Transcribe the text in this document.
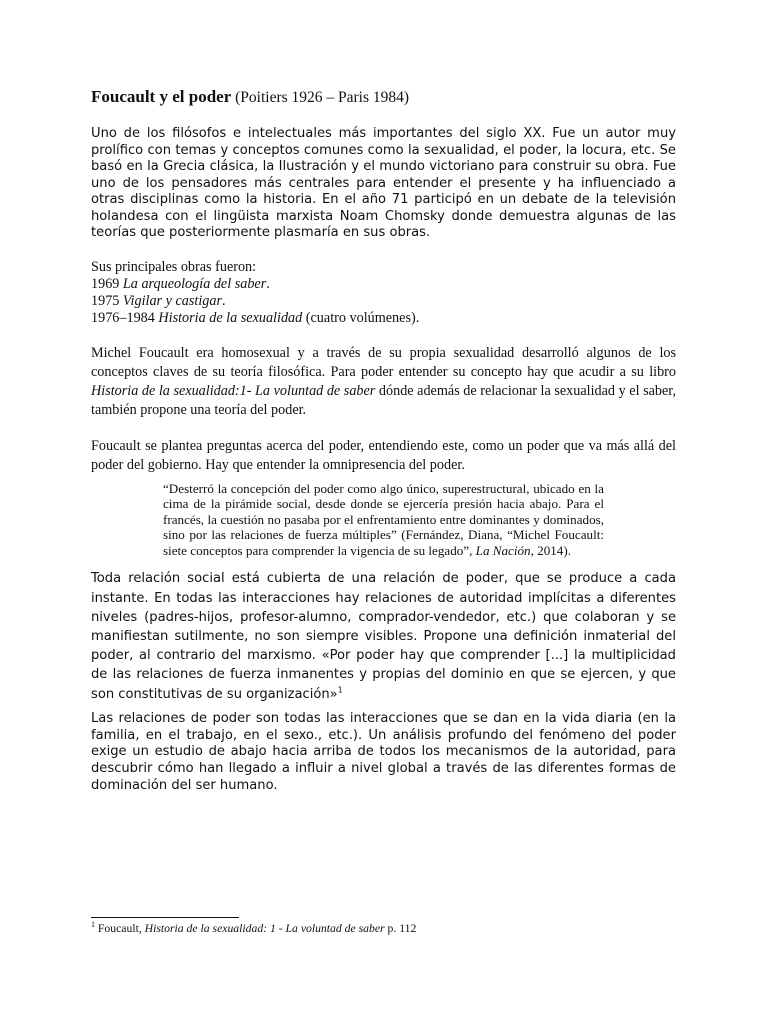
Foucault y el poder (Poitiers 1926 – Paris 1984)

Uno de los filósofos e intelectuales más importantes del siglo XX. Fue un autor muy prolífico con temas y conceptos comunes como la sexualidad, el poder, la locura, etc. Se basó en la Grecia clásica, la Ilustración y el mundo victoriano para construir su obra. Fue uno de los pensadores más centrales para entender el presente y ha influenciado a otras disciplinas como la historia. En el año 71 participó en un debate de la televisión holandesa con el lingüista marxista Noam Chomsky donde demuestra algunas de las teorías que posteriormente plasmaría en sus obras.

Sus principales obras fueron:
1969 La arqueología del saber.
1975 Vigilar y castigar.
1976–1984 Historia de la sexualidad (cuatro volúmenes).

Michel Foucault era homosexual y a través de su propia sexualidad desarrolló algunos de los conceptos claves de su teoría filosófica. Para poder entender su concepto hay que acudir a su libro Historia de la sexualidad:1- La voluntad de saber dónde además de relacionar la sexualidad y el saber, también propone una teoría del poder.

Foucault se plantea preguntas acerca del poder, entendiendo este, como un poder que va más allá del poder del gobierno. Hay que entender la omnipresencia del poder.

“Desterró la concepción del poder como algo único, superestructural, ubicado en la cima de la pirámide social, desde donde se ejercería presión hacia abajo. Para el francés, la cuestión no pasaba por el enfrentamiento entre dominantes y dominados, sino por las relaciones de fuerza múltiples” (Fernández, Diana, “Michel Foucault: siete conceptos para comprender la vigencia de su legado”, La Nación, 2014).

Toda relación social está cubierta de una relación de poder, que se produce a cada instante. En todas las interacciones hay relaciones de autoridad implícitas a diferentes niveles (padres-hijos, profesor-alumno, comprador-vendedor, etc.) que colaboran y se manifiestan sutilmente, no son siempre visibles. Propone una definición inmaterial del poder, al contrario del marxismo. «Por poder hay que comprender [...] la multiplicidad de las relaciones de fuerza inmanentes y propias del dominio en que se ejercen, y que son constitutivas de su organización»$^1$

Las relaciones de poder son todas las interacciones que se dan en la vida diaria (en la familia, en el trabajo, en el sexo., etc.). Un análisis profundo del fenómeno del poder exige un estudio de abajo hacia arriba de todos los mecanismos de la autoridad, para descubrir cómo han llegado a influir a nivel global a través de las diferentes formas de dominación del ser humano.

$^1$ Foucault, Historia de la sexualidad: 1 - La voluntad de saber p. 112
